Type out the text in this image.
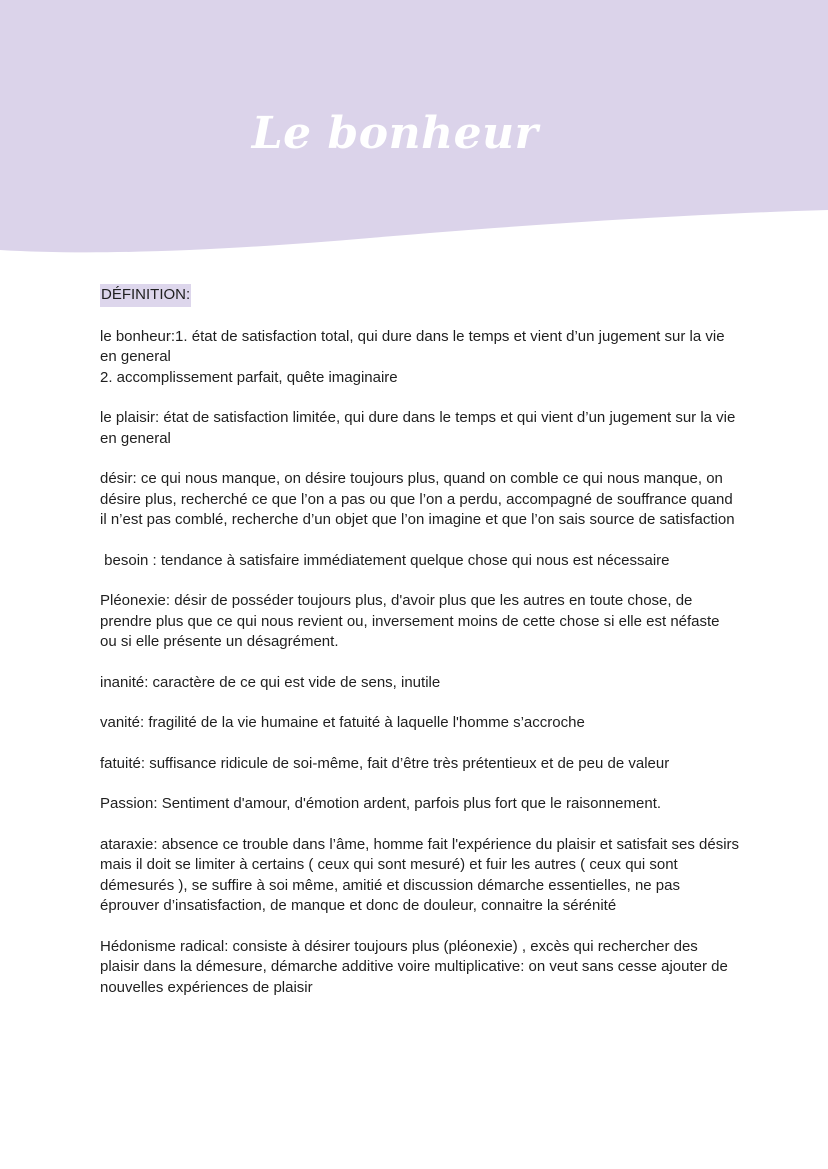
Le bonheur
DÉFINITION:

le bonheur:1. état de satisfaction total, qui dure dans le temps et vient d’un jugement sur la vie en general

2. accomplissement parfait, quête imaginaire

le plaisir: état de satisfaction limitée, qui dure dans le temps et qui vient d’un jugement sur la vie en general

désir: ce qui nous manque, on désire toujours plus, quand on comble ce qui nous manque, on désire plus, recherché ce que l’on a pas ou que l’on a perdu, accompagné de souffrance quand il n’est pas comblé, recherche d’un objet que l’on imagine et que l’on sais source de satisfaction

besoin : tendance à satisfaire immédiatement quelque chose qui nous est nécessaire

Pléonexie: désir de posséder toujours plus, d'avoir plus que les autres en toute chose, de prendre plus que ce qui nous revient ou, inversement moins de cette chose si elle est néfaste ou si elle présente un désagrément.

inanité: caractère de ce qui est vide de sens, inutile

vanité: fragilité de la vie humaine et fatuité à laquelle l'homme s’accroche

fatuité: suffisance ridicule de soi-même, fait d’être très prétentieux et de peu de valeur

Passion: Sentiment d'amour, d'émotion ardent, parfois plus fort que le raisonnement.

ataraxie: absence ce trouble dans l’âme, homme fait l'expérience du plaisir et satisfait ses désirs mais il doit se limiter à certains ( ceux qui sont mesuré) et fuir les autres ( ceux qui sont démesurés ), se suffire à soi même, amitié et discussion démarche essentielles, ne pas éprouver d’insatisfaction, de manque et donc de douleur, connaitre la sérénité

Hédonisme radical: consiste à désirer toujours plus (pléonexie) , excès qui rechercher des plaisir dans la démesure, démarche additive voire multiplicative: on veut sans cesse ajouter de nouvelles expériences de plaisir
